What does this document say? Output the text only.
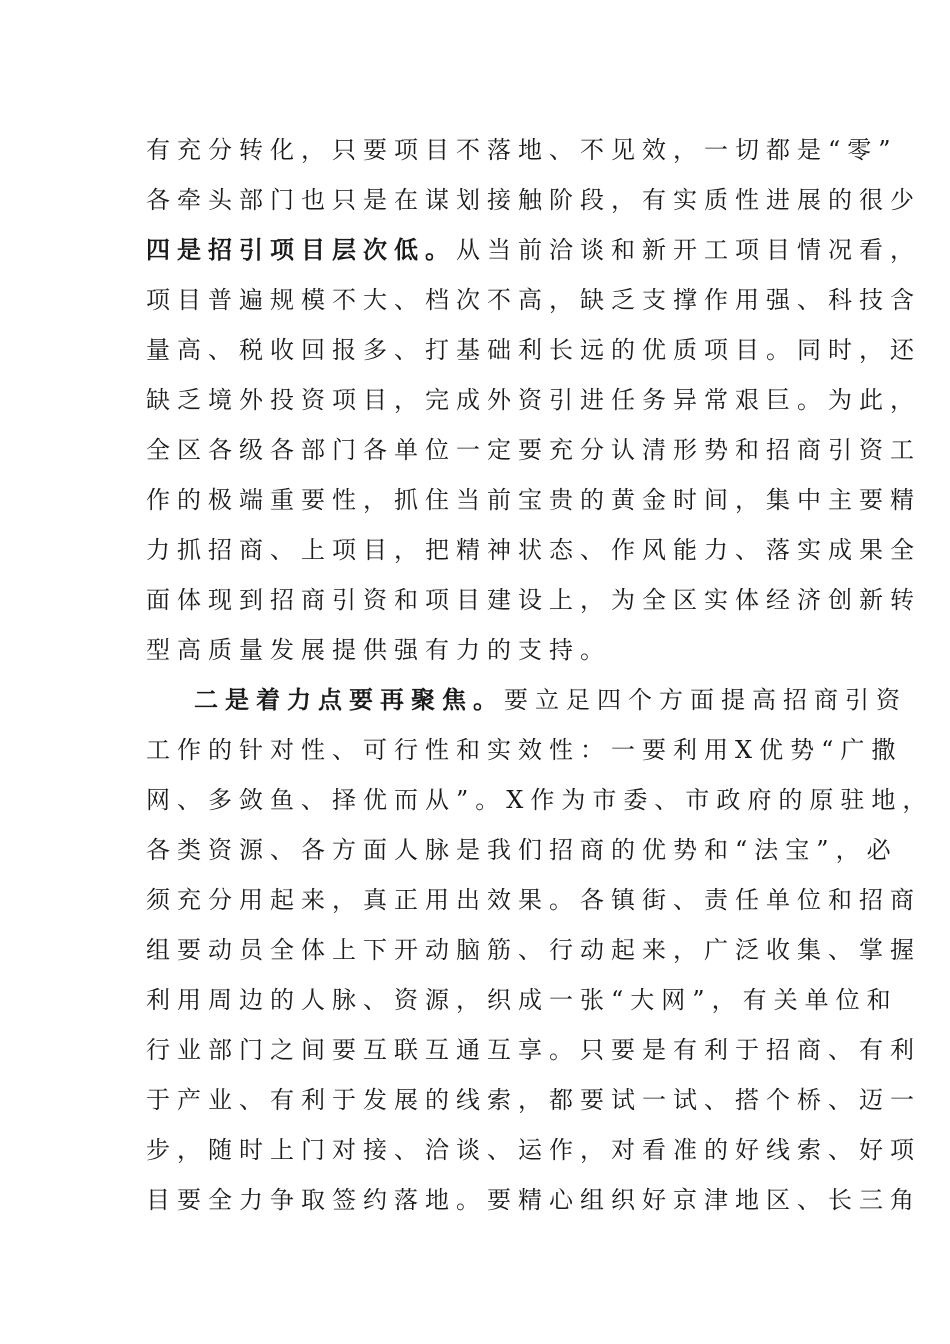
有 充 分 转 化 ， 只 要 项 目 不 落 地 、 不 见 效 ， 一 切 都 是 “ 零 ”
各 牵 头 部 门 也 只 是 在 谋 划 接 触 阶 段 ， 有 实 质 性 进 展 的 很 少
四 是 招 引 项 目 层 次 低 。 从 当 前 洽 谈 和 新 开 工 项 目 情 况 看 ，
项 目 普 遍 规 模 不 大 、 档 次 不 高 ， 缺 乏 支 撑 作 用 强 、 科 技 含
量 高 、 税 收 回 报 多 、 打 基 础 利 长 远 的 优 质 项 目 。 同 时 ， 还
缺 乏 境 外 投 资 项 目 ， 完 成 外 资 引 进 任 务 异 常 艰 巨 。 为 此 ，
全 区 各 级 各 部 门 各 单 位 一 定 要 充 分 认 清 形 势 和 招 商 引 资 工
作 的 极 端 重 要 性 ， 抓 住 当 前 宝 贵 的 黄 金 时 间 ， 集 中 主 要 精
力 抓 招 商 、 上 项 目 ， 把 精 神 状 态 、 作 风 能 力 、 落 实 成 果 全
面 体 现 到 招 商 引 资 和 项 目 建 设 上 ， 为 全 区 实 体 经 济 创 新 转
型 高 质 量 发 展 提 供 强 有 力 的 支 持 。
二 是 着 力 点 要 再 聚 焦 。 要 立 足 四 个 方 面 提 高 招 商 引 资
工 作 的 针 对 性 、 可 行 性 和 实 效 性 ： 一 要 利 用 X 优 势 “ 广 撒
网 、 多 敛 鱼 、 择 优 而 从 ” 。 X 作 为 市 委 、 市 政 府 的 原 驻 地 ，
各 类 资 源 、 各 方 面 人 脉 是 我 们 招 商 的 优 势 和 “ 法 宝 ” ， 必
须 充 分 用 起 来 ， 真 正 用 出 效 果 。 各 镇 街 、 责 任 单 位 和 招 商
组 要 动 员 全 体 上 下 开 动 脑 筋 、 行 动 起 来 ， 广 泛 收 集 、 掌 握
利 用 周 边 的 人 脉 、 资 源 ， 织 成 一 张 “ 大 网 ” ， 有 关 单 位 和
行 业 部 门 之 间 要 互 联 互 通 互 享 。 只 要 是 有 利 于 招 商 、 有 利
于 产 业 、 有 利 于 发 展 的 线 索 ， 都 要 试 一 试 、 搭 个 桥 、 迈 一
步 ， 随 时 上 门 对 接 、 洽 谈 、 运 作 ， 对 看 准 的 好 线 索 、 好 项
目 要 全 力 争 取 签 约 落 地 。 要 精 心 组 织 好 京 津 地 区 、 长 三 角
